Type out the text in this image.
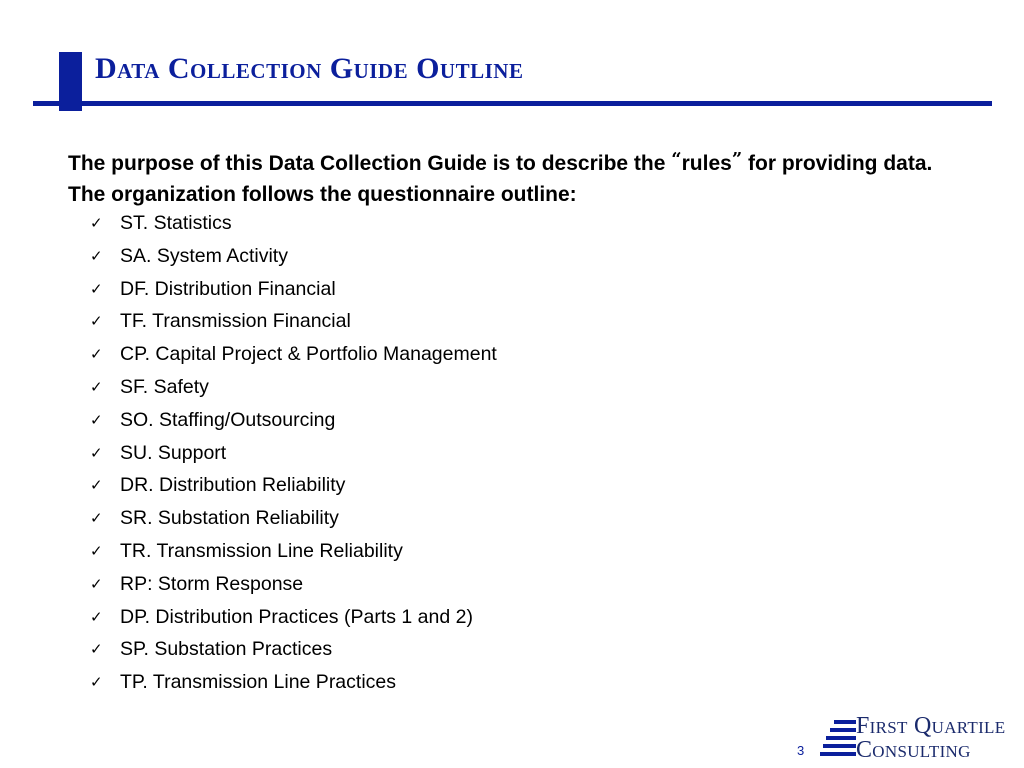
Data Collection Guide Outline

The purpose of this Data Collection Guide is to describe the “rules” for providing data. The organization follows the questionnaire outline:

✓ ST. Statistics
✓ SA. System Activity
✓ DF. Distribution Financial
✓ TF. Transmission Financial
✓ CP. Capital Project & Portfolio Management
✓ SF. Safety
✓ SO. Staffing/Outsourcing
✓ SU. Support
✓ DR. Distribution Reliability
✓ SR. Substation Reliability
✓ TR. Transmission Line Reliability
✓ RP: Storm Response
✓ DP. Distribution Practices (Parts 1 and 2)
✓ SP. Substation Practices
✓ TP. Transmission Line Practices
3
First Quartile
Consulting
